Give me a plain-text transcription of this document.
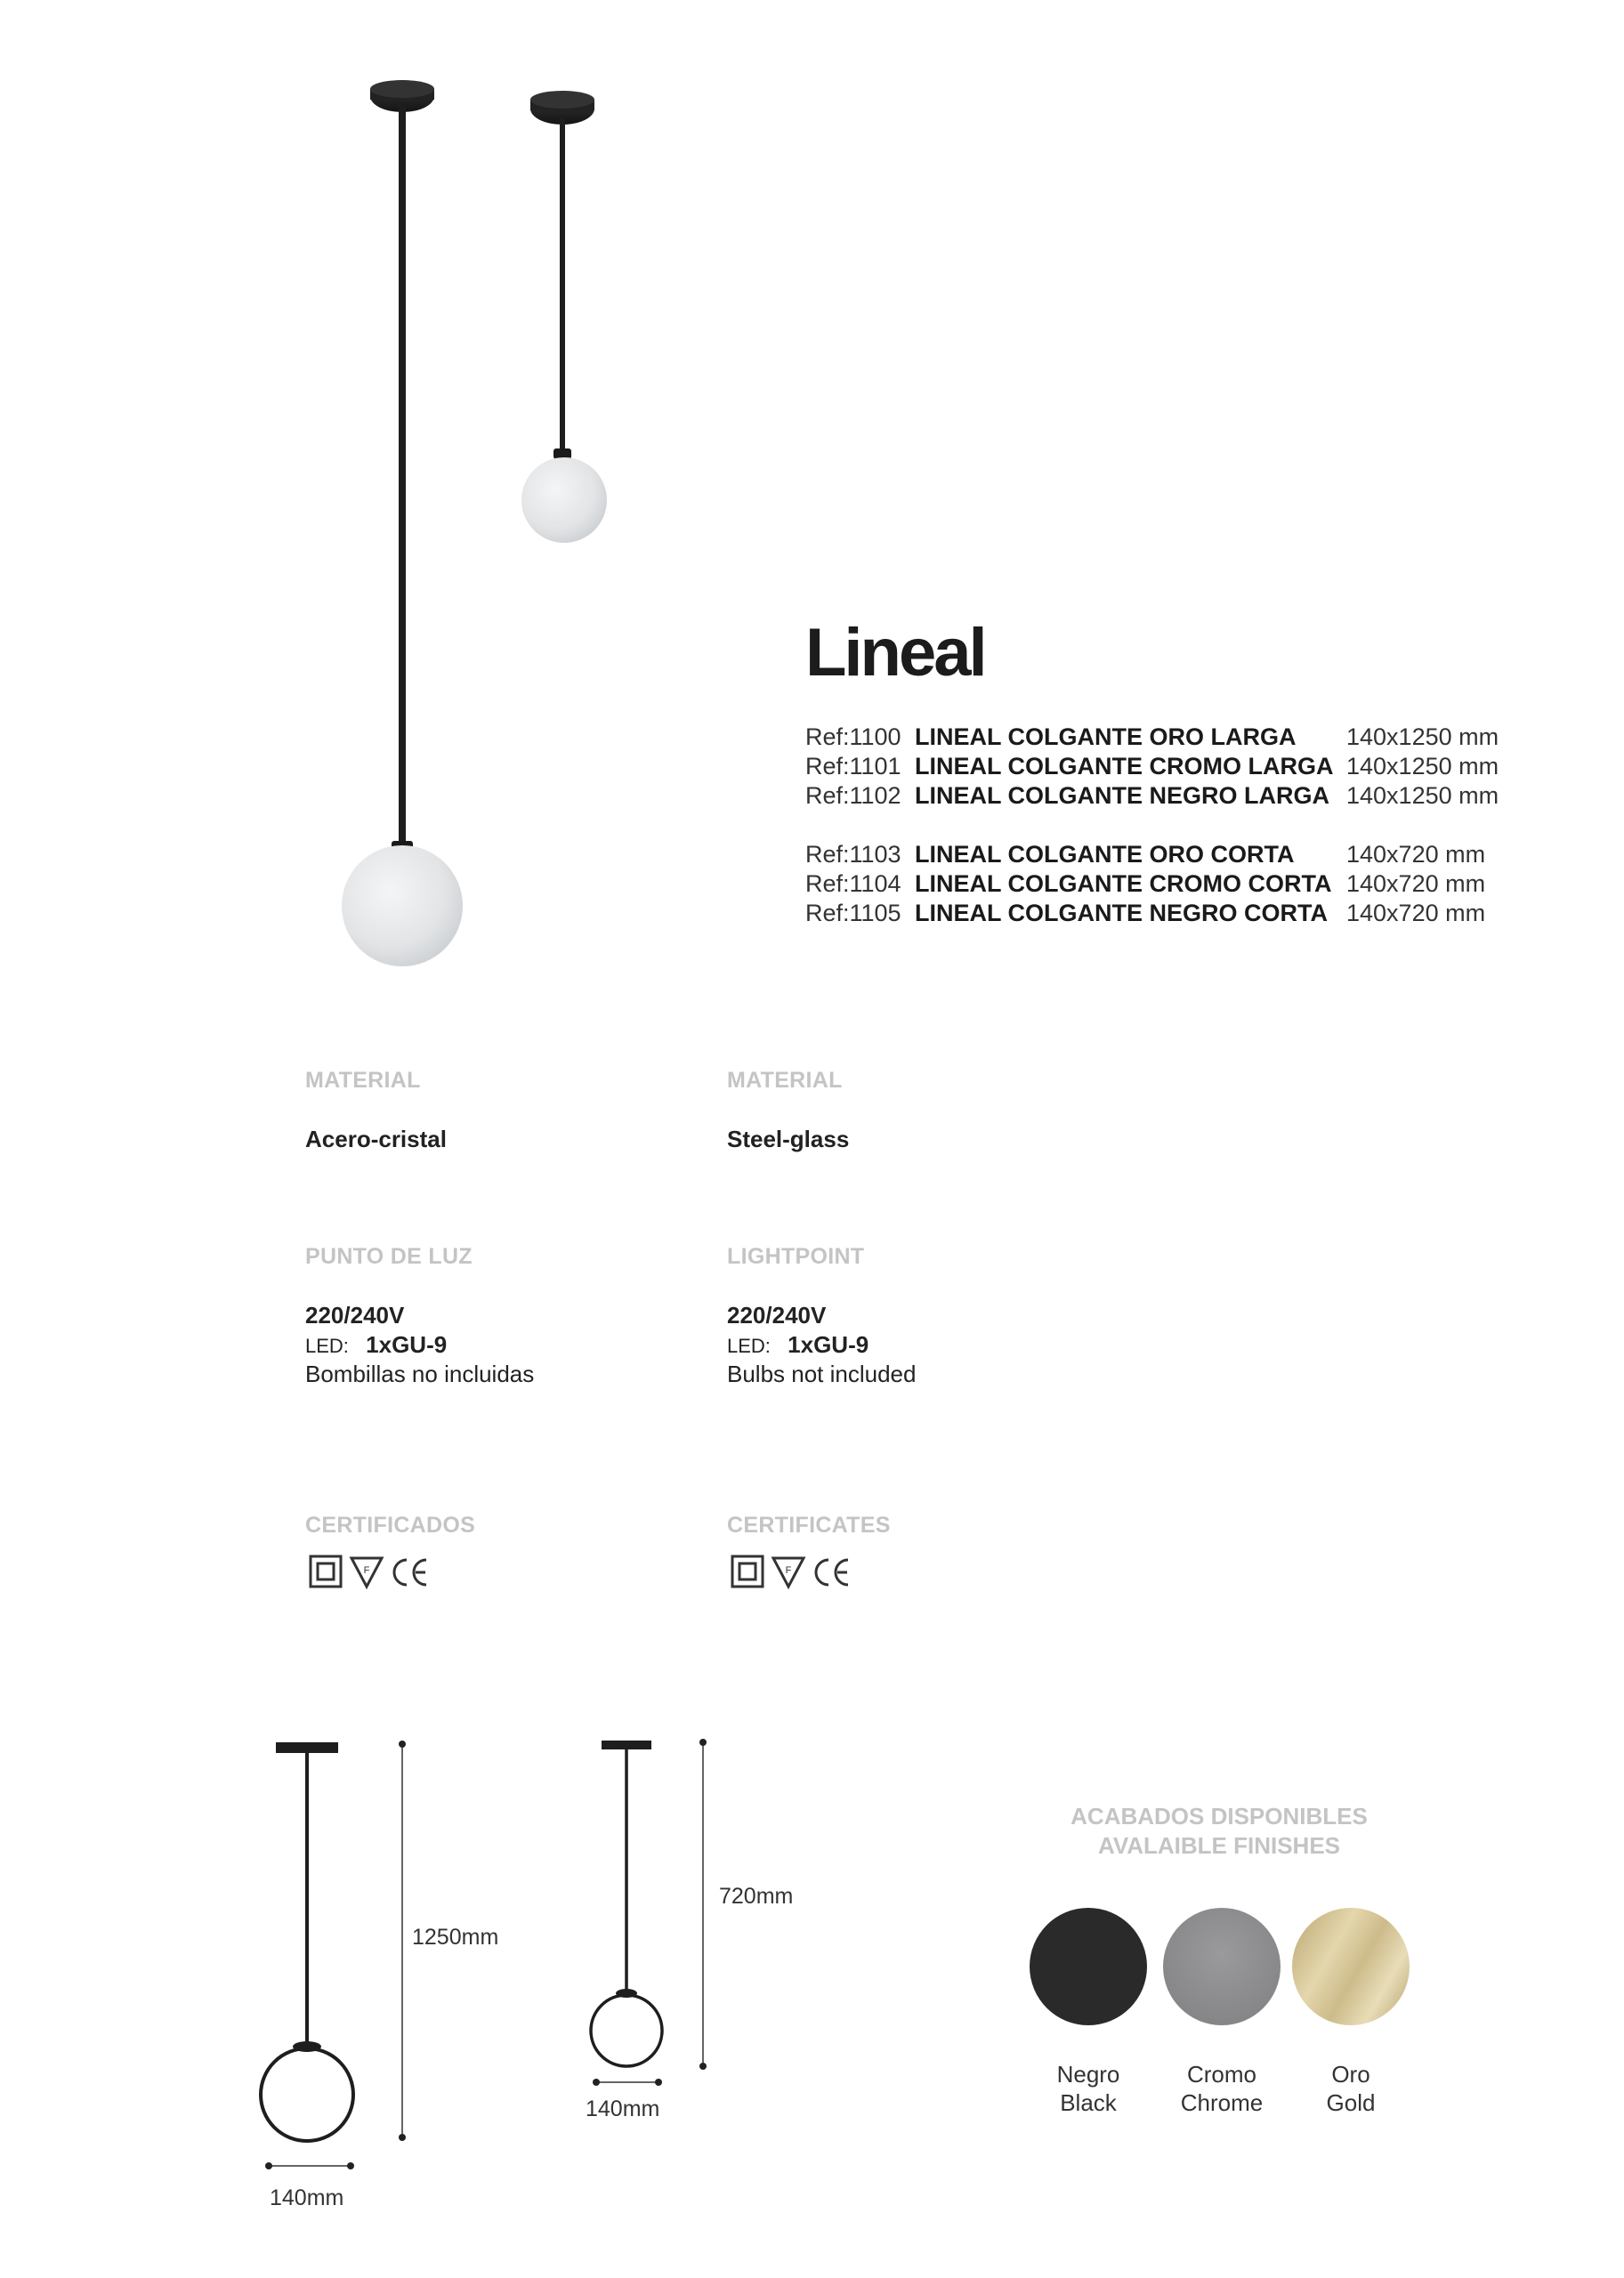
Lineal
Ref:1100 LINEAL COLGANTE ORO LARGA	140x1250 mm
Ref:1101 LINEAL COLGANTE CROMO LARGA 140x1250 mm
Ref:1102 LINEAL COLGANTE NEGRO LARGA 140x1250 mm
Ref:1103 LINEAL COLGANTE ORO CORTA	140x720 mm
Ref:1104 LINEAL COLGANTE CROMO CORTA 140x720 mm
Ref:1105 LINEAL COLGANTE NEGRO CORTA 140x720 mm
MATERIAL
Acero-cristal
PUNTO DE LUZ
220/240V
LED: 1xGU-9
Bombillas no incluidas
CERTIFICADOS
F
MATERIAL
Steel-glass
LIGHTPOINT
220/240V
LED: 1xGU-9
Bulbs not included
CERTIFICATES
F
1250mm
140mm
720mm
140mm
ACABADOS DISPONIBLES
AVALAIBLE FINISHES
Negro
Black
Cromo
Chrome
Oro
Gold
